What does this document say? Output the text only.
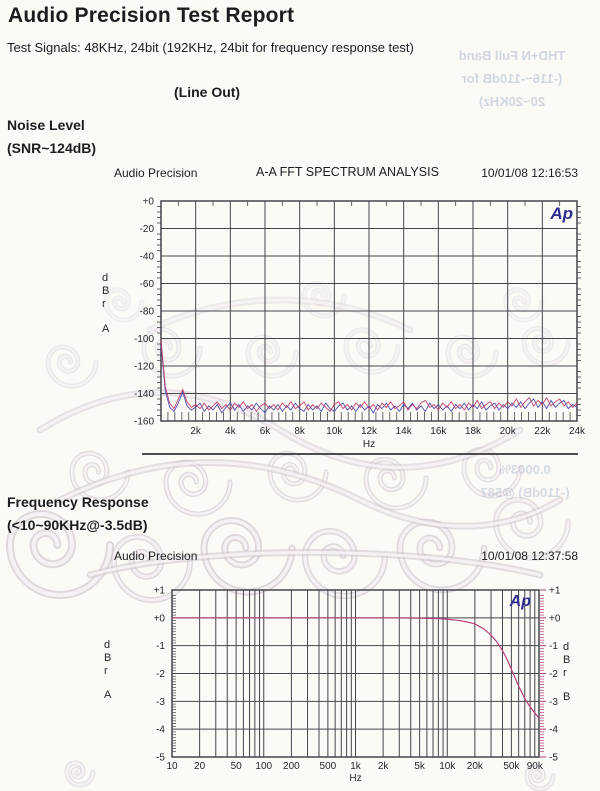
Audio Precision Test Report
Test Signals: 48KHz, 24bit (192KHz, 24bit for frequency response test)
(Line Out)
THD+N Full Band
(-116~-110dB for
20~20KHz)
0.0003%
(-110dB) @587
Noise Level
(SNR~124dB)
Audio Precision	A-A FFT SPECTRUM ANALYSIS	10/01/08 12:16:53
+0
-20
-40
-60
-80
-100
-120
-140
-160
2k 4k 6k 8k 10k 12k 14k 16k 18k 20k 22k 24k
Hz
d
B
r
A
Ap
Frequency Response
(<10~90KHz@-3.5dB)
Audio Precision	10/01/08 12:37:58
+1	+1
+0	+0
-1	-1
-2	-2
-3	-3
-4	-4
-5	-5
10 20	50 100 200 500 1k 2k	5k 10k 20k 50k 90k
Hz
d	d
B	B
r	r
A	B
Ap
